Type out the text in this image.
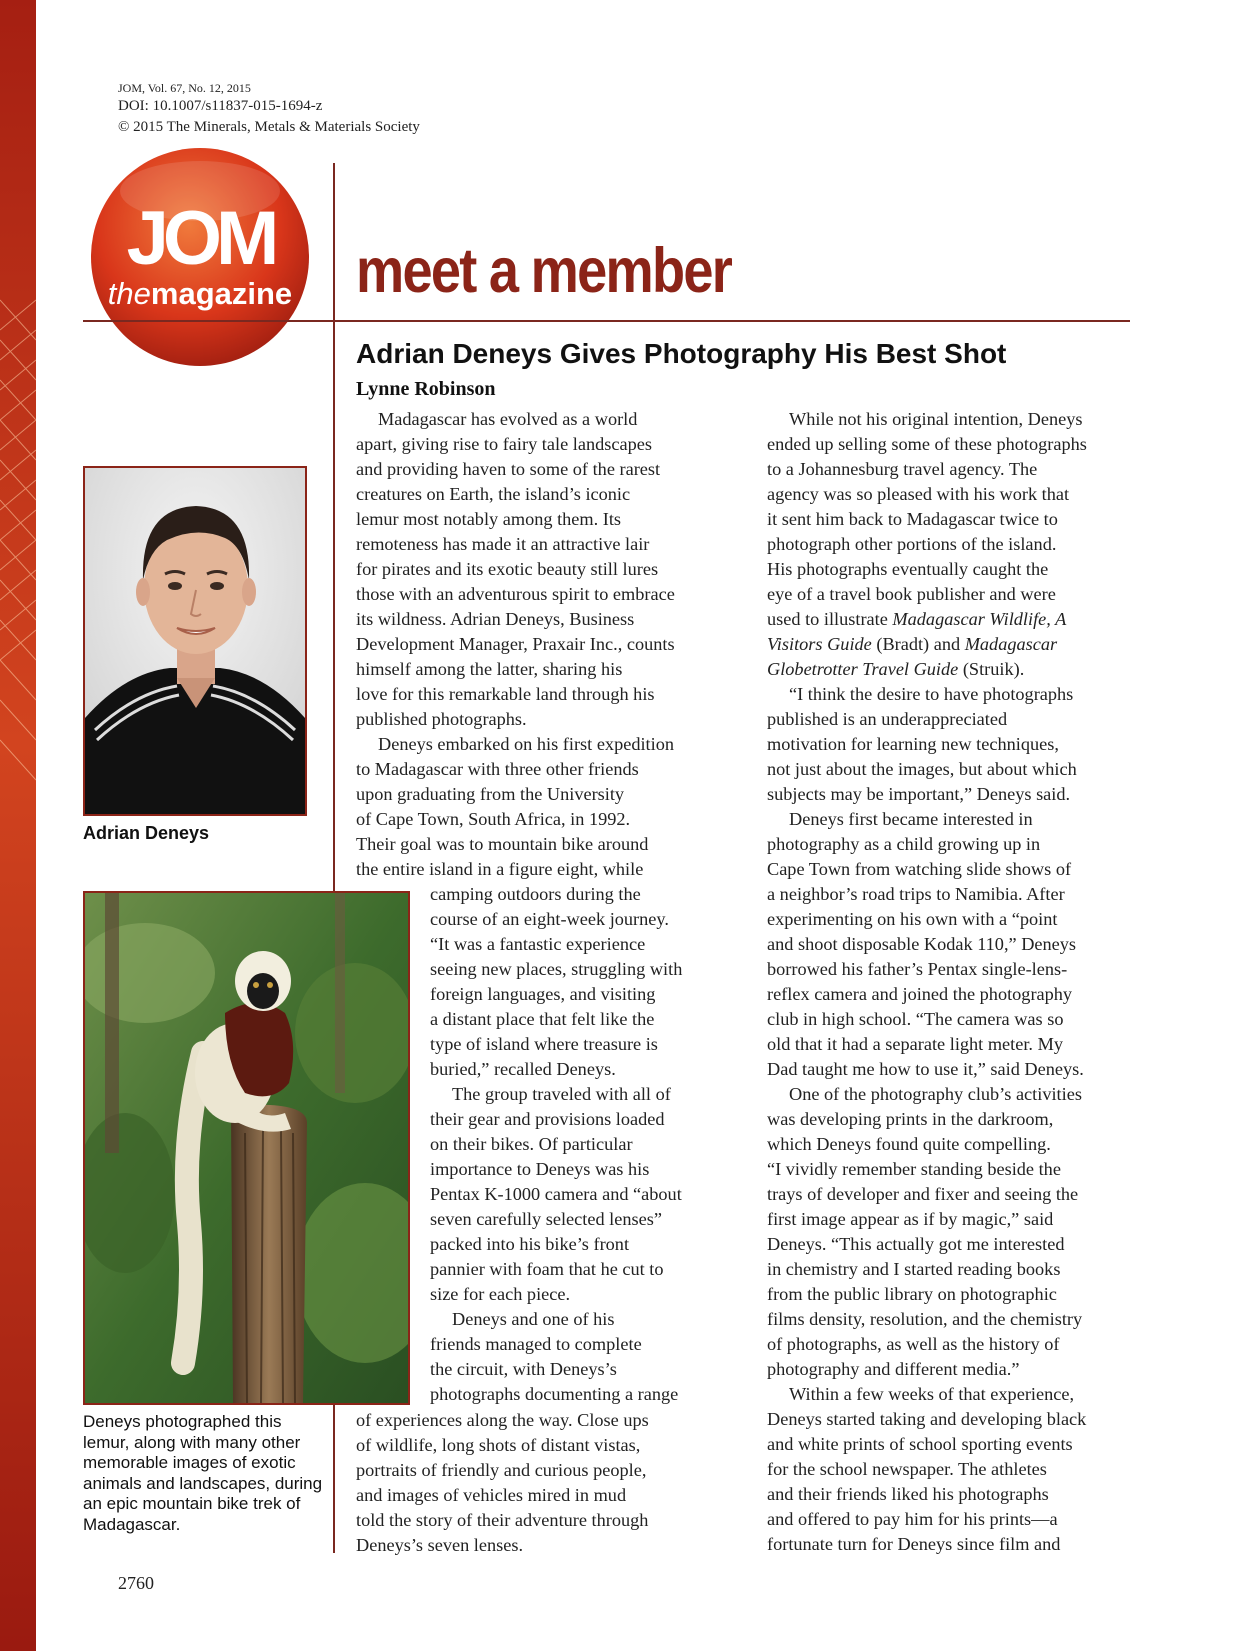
JOM, Vol. 67, No. 12, 2015
DOI: 10.1007/s11837-015-1694-z
© 2015 The Minerals, Metals & Materials Society
JOM
themagazine meet a member
Adrian Deneys Gives Photography His Best Shot
Lynne Robinson
Adrian Deneys
Deneys photographed this lemur, along with many other memorable images of exotic animals and landscapes, during an epic mountain bike trek of Madagascar.
Madagascar has evolved as a world
apart, giving rise to fairy tale landscapes
and providing haven to some of the rarest
creatures on Earth, the island’s iconic
lemur most notably among them. Its
remoteness has made it an attractive lair
for pirates and its exotic beauty still lures
those with an adventurous spirit to embrace
its wildness. Adrian Deneys, Business
Development Manager, Praxair Inc., counts
himself among the latter, sharing his
love for this remarkable land through his
published photographs.
Deneys embarked on his first expedition
to Madagascar with three other friends
upon graduating from the University
of Cape Town, South Africa, in 1992.
Their goal was to mountain bike around
the entire island in a figure eight, while
camping outdoors during the
course of an eight-week journey.
“It was a fantastic experience
seeing new places, struggling with
foreign languages, and visiting
a distant place that felt like the
type of island where treasure is
buried,” recalled Deneys.
The group traveled with all of
their gear and provisions loaded
on their bikes. Of particular
importance to Deneys was his
Pentax K-1000 camera and “about
seven carefully selected lenses”
packed into his bike’s front
pannier with foam that he cut to
size for each piece.
Deneys and one of his
friends managed to complete
the circuit, with Deneys’s
photographs documenting a range
of experiences along the way. Close ups
of wildlife, long shots of distant vistas,
portraits of friendly and curious people,
and images of vehicles mired in mud
told the story of their adventure through
Deneys’s seven lenses.
While not his original intention, Deneys
ended up selling some of these photographs
to a Johannesburg travel agency. The
agency was so pleased with his work that
it sent him back to Madagascar twice to
photograph other portions of the island.
His photographs eventually caught the
eye of a travel book publisher and were
used to illustrate Madagascar Wildlife, A
Visitors Guide (Bradt) and Madagascar
Globetrotter Travel Guide (Struik).
“I think the desire to have photographs
published is an underappreciated
motivation for learning new techniques,
not just about the images, but about which
subjects may be important,” Deneys said.
Deneys first became interested in
photography as a child growing up in
Cape Town from watching slide shows of
a neighbor’s road trips to Namibia. After
experimenting on his own with a “point
and shoot disposable Kodak 110,” Deneys
borrowed his father’s Pentax single-lens-
reflex camera and joined the photography
club in high school. “The camera was so
old that it had a separate light meter. My
Dad taught me how to use it,” said Deneys.
One of the photography club’s activities
was developing prints in the darkroom,
which Deneys found quite compelling.
“I vividly remember standing beside the
trays of developer and fixer and seeing the
first image appear as if by magic,” said
Deneys. “This actually got me interested
in chemistry and I started reading books
from the public library on photographic
films density, resolution, and the chemistry
of photographs, as well as the history of
photography and different media.”
Within a few weeks of that experience,
Deneys started taking and developing black
and white prints of school sporting events
for the school newspaper. The athletes
and their friends liked his photographs
and offered to pay him for his prints—a
fortunate turn for Deneys since film and
2760
